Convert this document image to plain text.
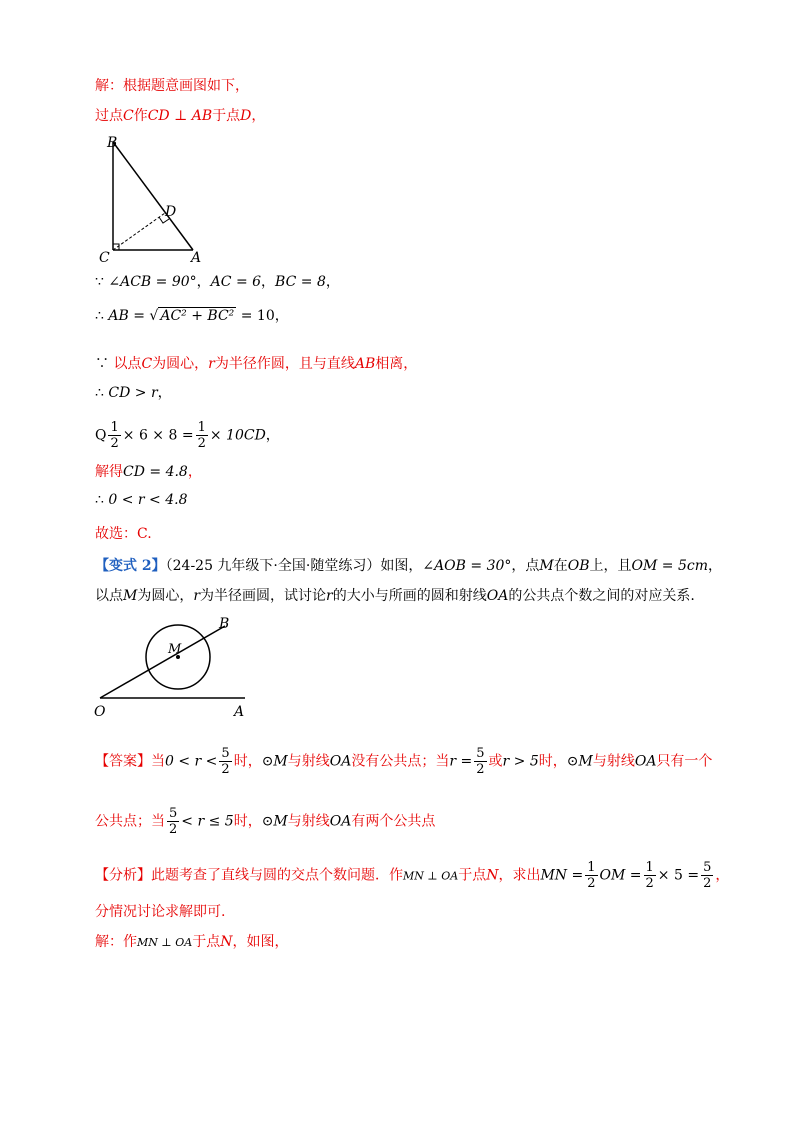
解：根据题意画图如下，
过点C作CD ⊥ AB于点D，
B
D
C	A
∵ ∠ACB = 90°，AC = 6，BC = 8，
∴ AB = √ AC² + BC² = 10，
∵ 以点C为圆心，r为半径作圆，且与直线AB相离，
∴ CD > r，
Q $\frac{1}{2} \times 6 \times 8 = \frac{1}{2} \times 10CD$，
解得CD = 4.8，
∴ 0 < r < 4.8
故选：C.
【变式 2】（24-25 九年级下·全国·随堂练习）如图，∠AOB = 30°，点M在OB上，且OM = 5cm，
以点M为圆心，r为半径画圆，试讨论r的大小与所画的圆和射线OA的公共点个数之间的对应关系.
B
M
O	A
【答案】当$0 < r < \frac{5}{2}$ 时，⊙M与射线OA没有公共点；当$r = \frac{5}{2}$ 或r > 5时，⊙M与射线OA只有一个
公共点；当 $\frac{5}{2} < r \le 5$时，⊙M与射线OA有两个公共点
【分析】此题考查了直线与圆的交点个数问题．作MN ⊥ OA于点N，求出MN = $\frac{1}{2}$ OM = $\frac{1}{2} \times 5 = \frac{5}{2}$ ，
分情况讨论求解即可.
解：作MN ⊥ OA于点N，如图，
